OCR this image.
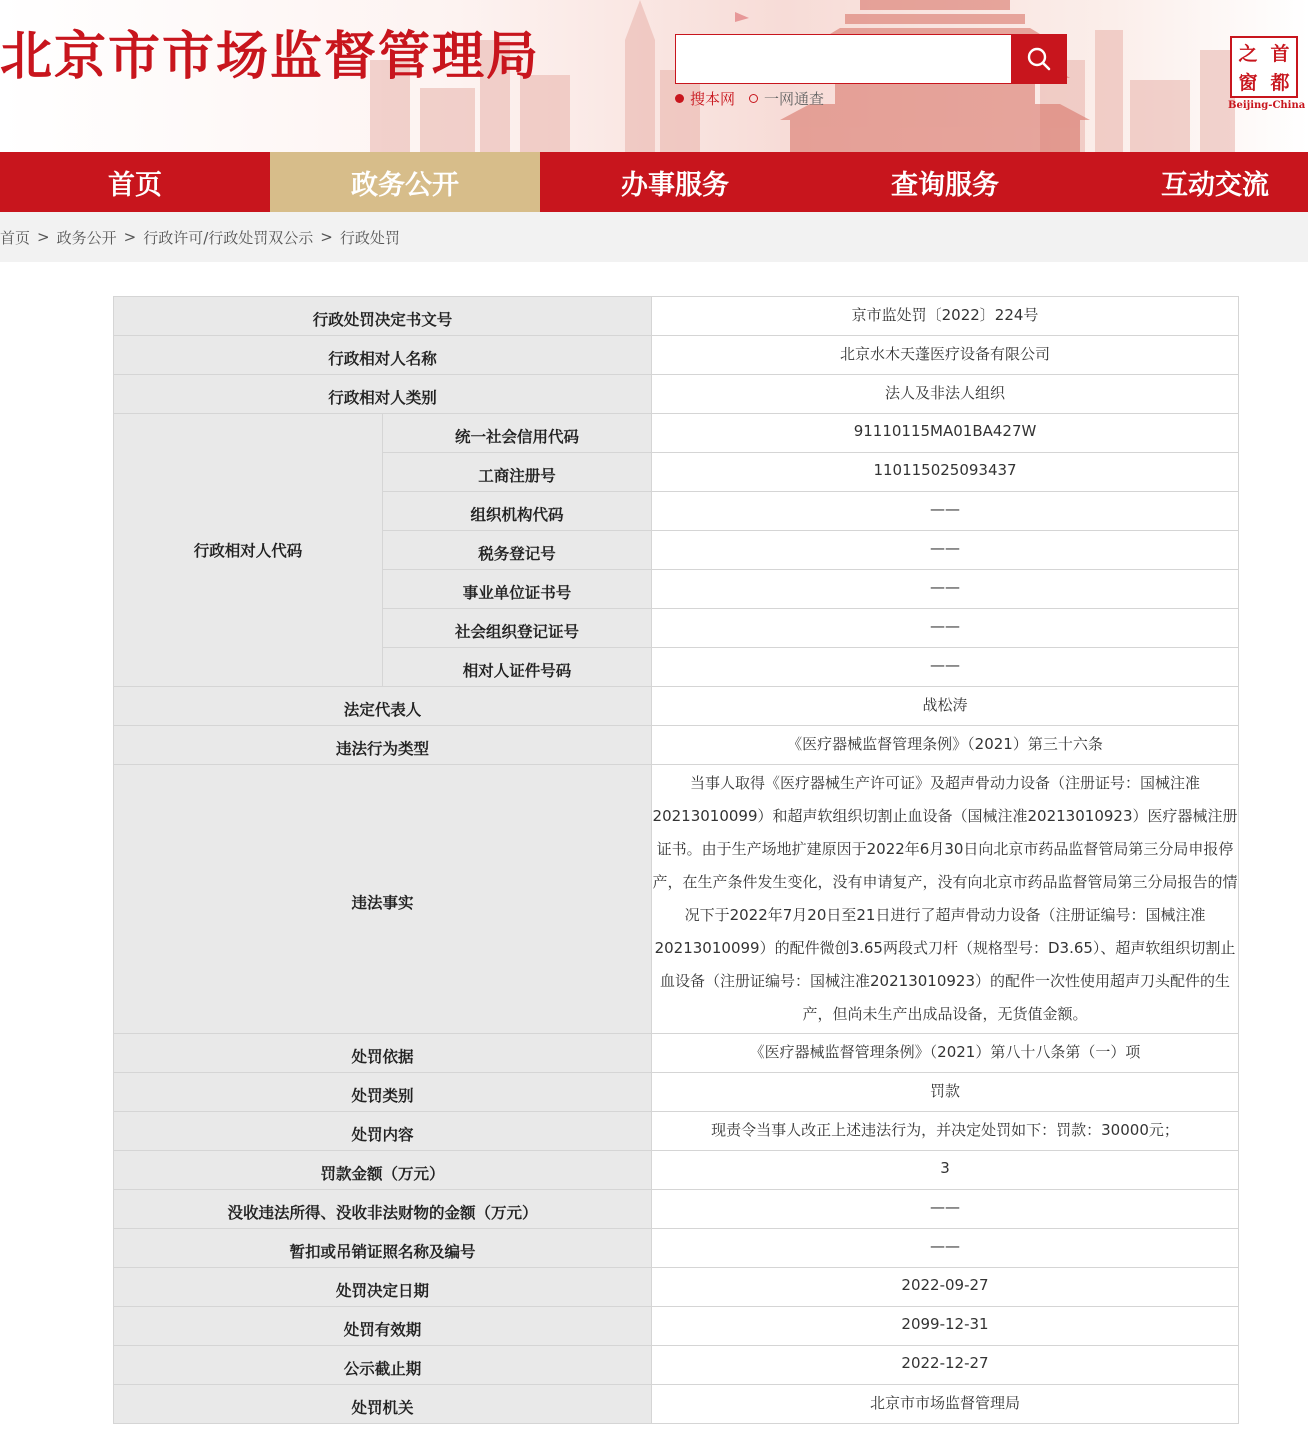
北京市市场监督管理局
搜本网 一网通查
之 首
窗 都
Beijing-China
首页	政务公开	办事服务	查询服务	互动交流
首页 > 政务公开 > 行政许可/行政处罚双公示 > 行政处罚
行政处罚决定书文号		京市监处罚〔2022〕224号
行政相对人名称		北京水木天蓬医疗设备有限公司
行政相对人类别		法人及非法人组织
行政相对人代码	统一社会信用代码	91110115MA01BA427W
	工商注册号	110115025093437
	组织机构代码	——
	税务登记号	——
	事业单位证书号	——
	社会组织登记证号	——
	相对人证件号码	——
法定代表人		战松涛
违法行为类型		《医疗器械监督管理条例》（2021）第三十六条
违法事实		当事人取得《医疗器械生产许可证》及超声骨动力设备（注册证号：国械注准20213010099）和超声软组织切割止血设备（国械注准20213010923）医疗器械注册证书。由于生产场地扩建原因于2022年6月30日向北京市药品监督管局第三分局申报停产，在生产条件发生变化，没有申请复产，没有向北京市药品监督管局第三分局报告的情况下于2022年7月20日至21日进行了超声骨动力设备（注册证编号：国械注准20213010099）的配件微创3.65两段式刀杆（规格型号：D3.65）、超声软组织切割止血设备（注册证编号：国械注准20213010923）的配件一次性使用超声刀头配件的生产，但尚未生产出成品设备，无货值金额。
处罚依据		《医疗器械监督管理条例》（2021）第八十八条第（一）项
处罚类别		罚款
处罚内容		现责令当事人改正上述违法行为，并决定处罚如下：罚款：30000元；
罚款金额（万元）		3
没收违法所得、没收非法财物的金额（万元）		——
暂扣或吊销证照名称及编号		——
处罚决定日期		2022-09-27
处罚有效期		2099-12-31
公示截止期		2022-12-27
处罚机关		北京市市场监督管理局
